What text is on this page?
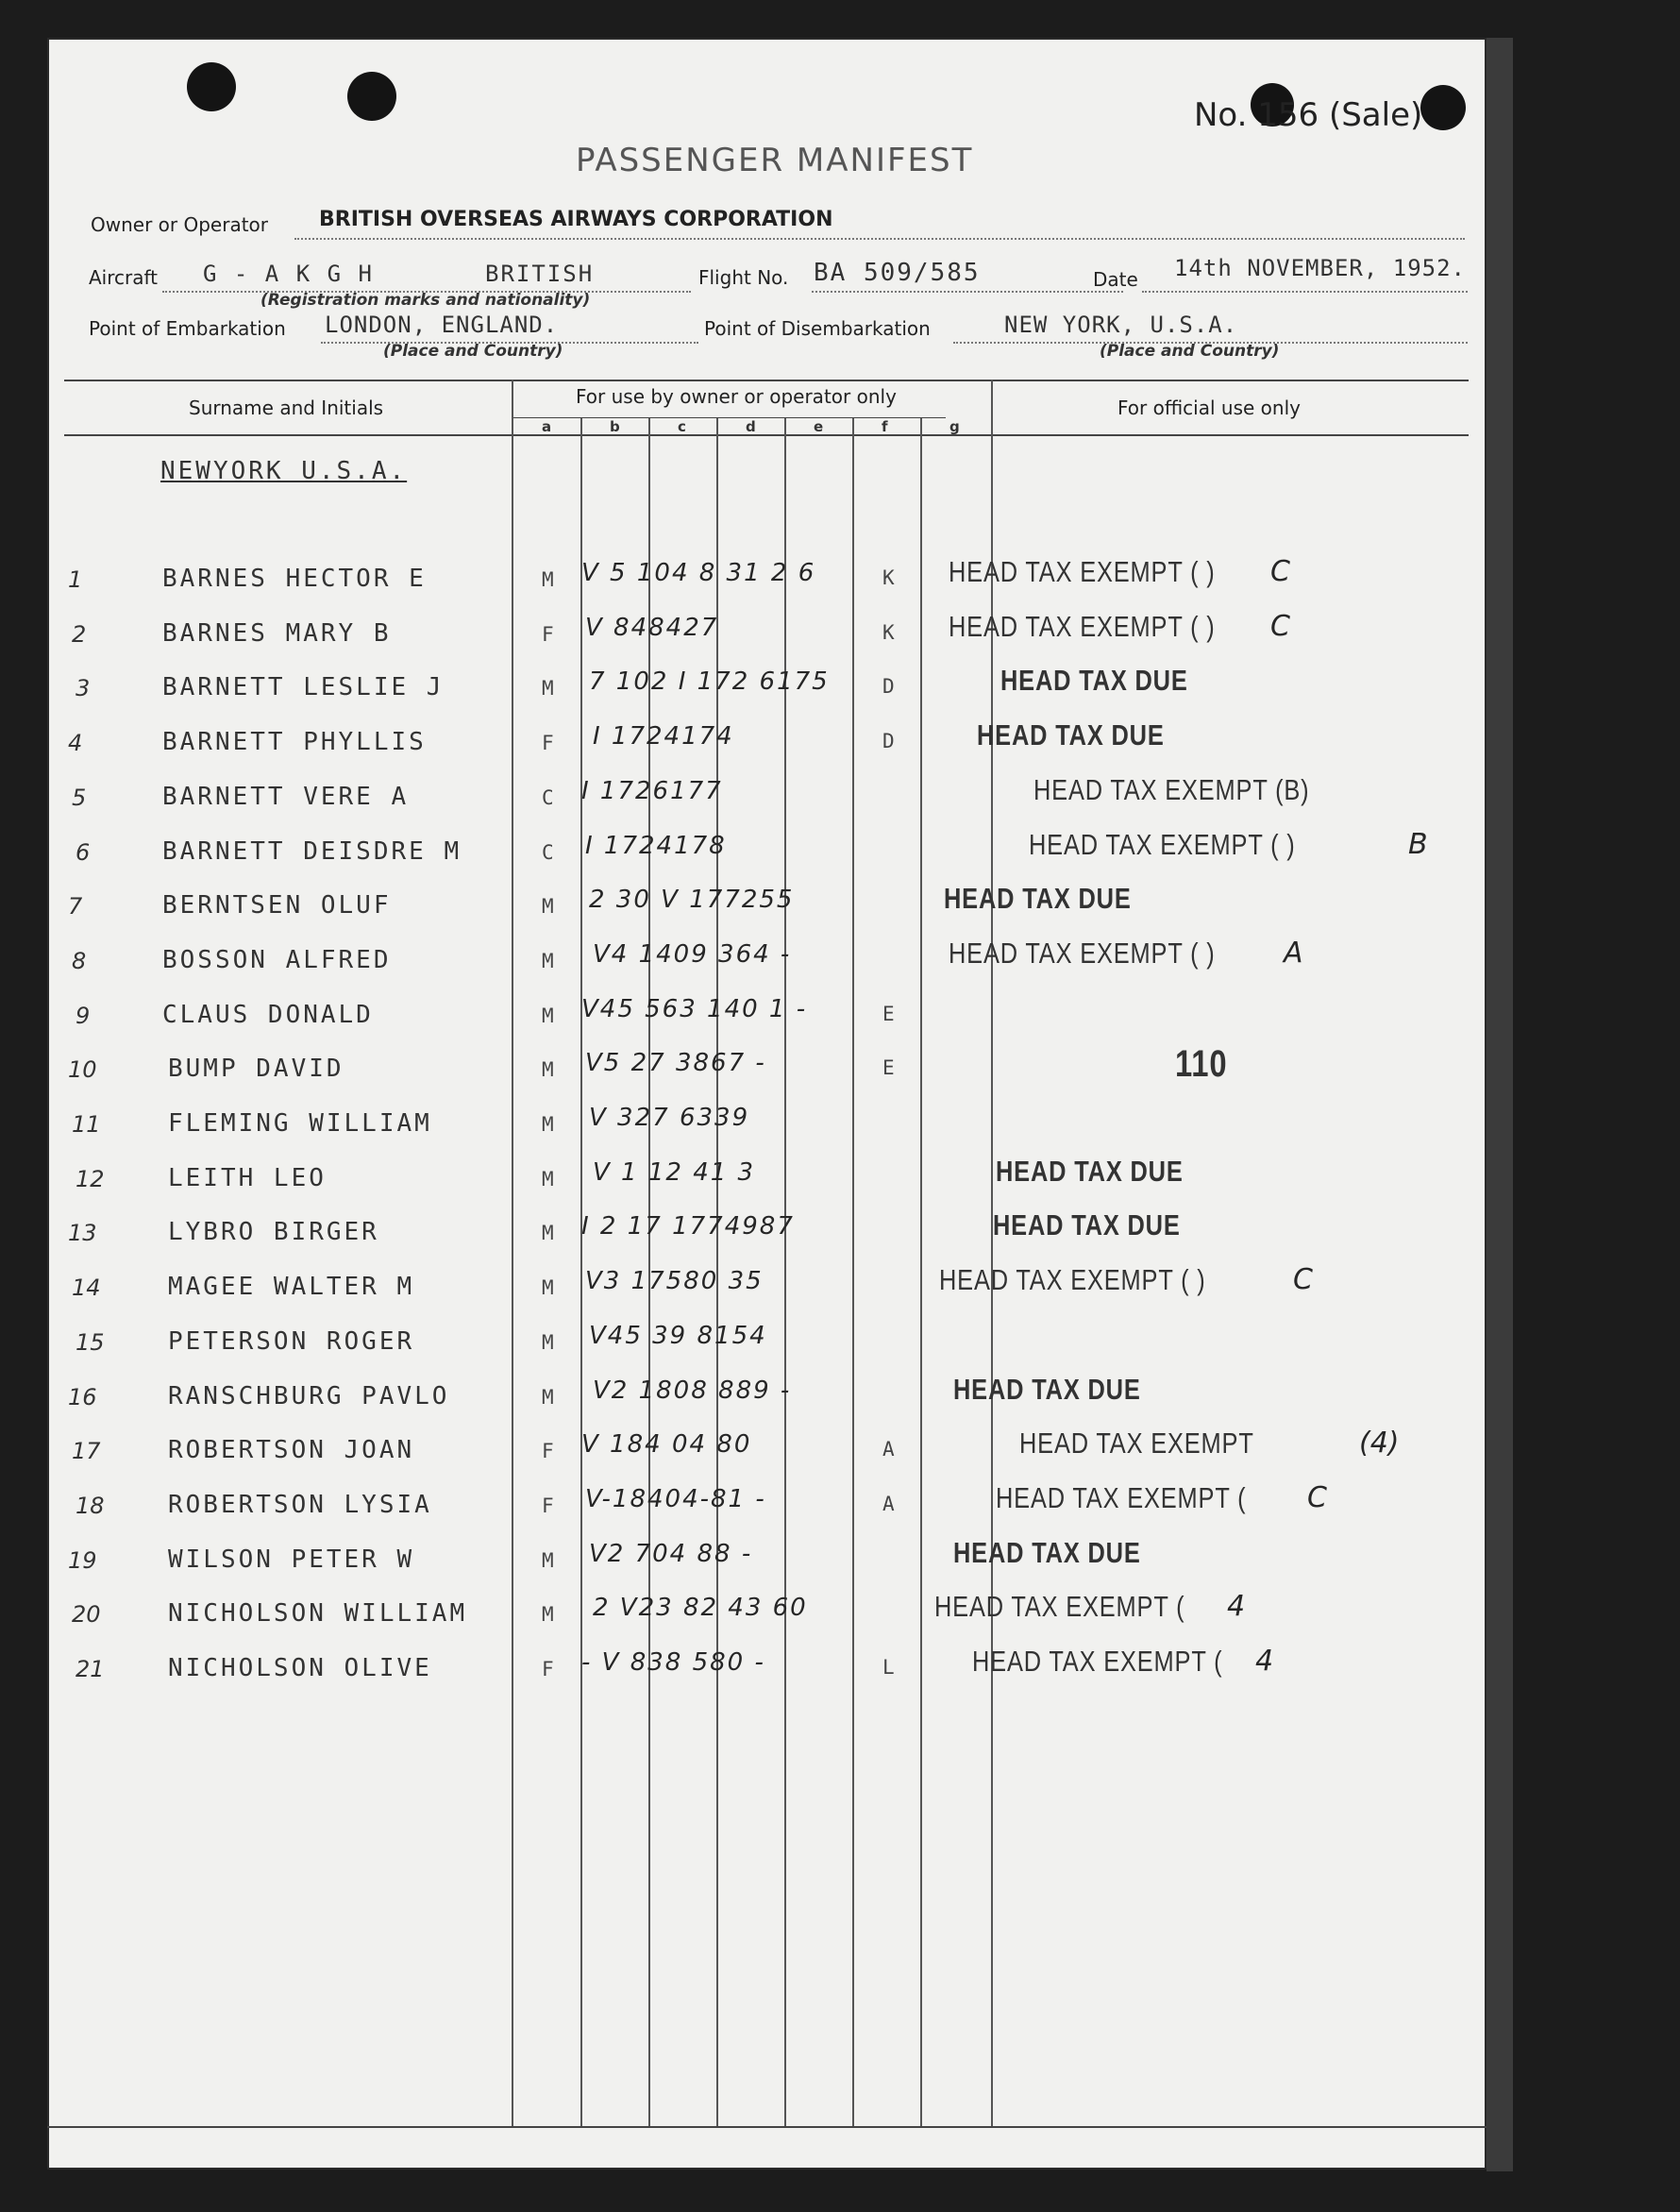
No. 156 (Sale)
PASSENGER MANIFEST
Owner or Operator BRITISH OVERSEAS AIRWAYS CORPORATION
Aircraft G - A K G H	BRITISH
(Registration marks and nationality)
Flight No. BA 509/585	Date 14th NOVEMBER, 1952.
Point of Embarkation LONDON, ENGLAND.
(Place and Country)
Point of Disembarkation	NEW YORK, U.S.A.
(Place and Country)
Surname and Initials	For use by owner or operator only	For official use only
a	b	c	d	e	f	g
NEWYORK U.S.A.
1	BARNES HECTOR E	M V 5 104 8 31 2 6	K HEAD TAX EXEMPT ( ) C
2	BARNES MARY B	F V 848427	K HEAD TAX EXEMPT ( ) C
3	BARNETT LESLIE J	M 7 102 I 172 6175	D	HEAD TAX DUE
4	BARNETT PHYLLIS	F I 1724174	D	HEAD TAX DUE
5	BARNETT VERE A	C I 1726177	HEAD TAX EXEMPT (B)
6	BARNETT DEISDRE M	C I 1724178	HEAD TAX EXEMPT ( )	B
7	BERNTSEN OLUF	M 2 30 V 177255	HEAD TAX DUE
8	BOSSON ALFRED	M V4 1409 364 -	HEAD TAX EXEMPT ( ) A
9	CLAUS DONALD	M V45 563 140 1 -	E
10	BUMP DAVID	M V5 27 3867 -	E	110
11	FLEMING WILLIAM	M V 327 6339
12	LEITH LEO	M V 1 12 41 3	HEAD TAX DUE
13	LYBRO BIRGER	M I 2 17 1774987	HEAD TAX DUE
14	MAGEE WALTER M	M V3 17580 35	HEAD TAX EXEMPT ( )	C
15	PETERSON ROGER	M V45 39 8154
16	RANSCHBURG PAVLO	M V2 1808 889 -	HEAD TAX DUE
17	ROBERTSON JOAN	F V 184 04 80	A	HEAD TAX EXEMPT	(4)
18	ROBERTSON LYSIA	F V-18404-81 -	A	HEAD TAX EXEMPT ( C
19	WILSON PETER W	M V2 704 88 -	HEAD TAX DUE
20	NICHOLSON WILLIAM	M 2 V23 82 43 60	HEAD TAX EXEMPT ( 4
21	NICHOLSON OLIVE	F - V 838 580 -	L	HEAD TAX EXEMPT ( 4
